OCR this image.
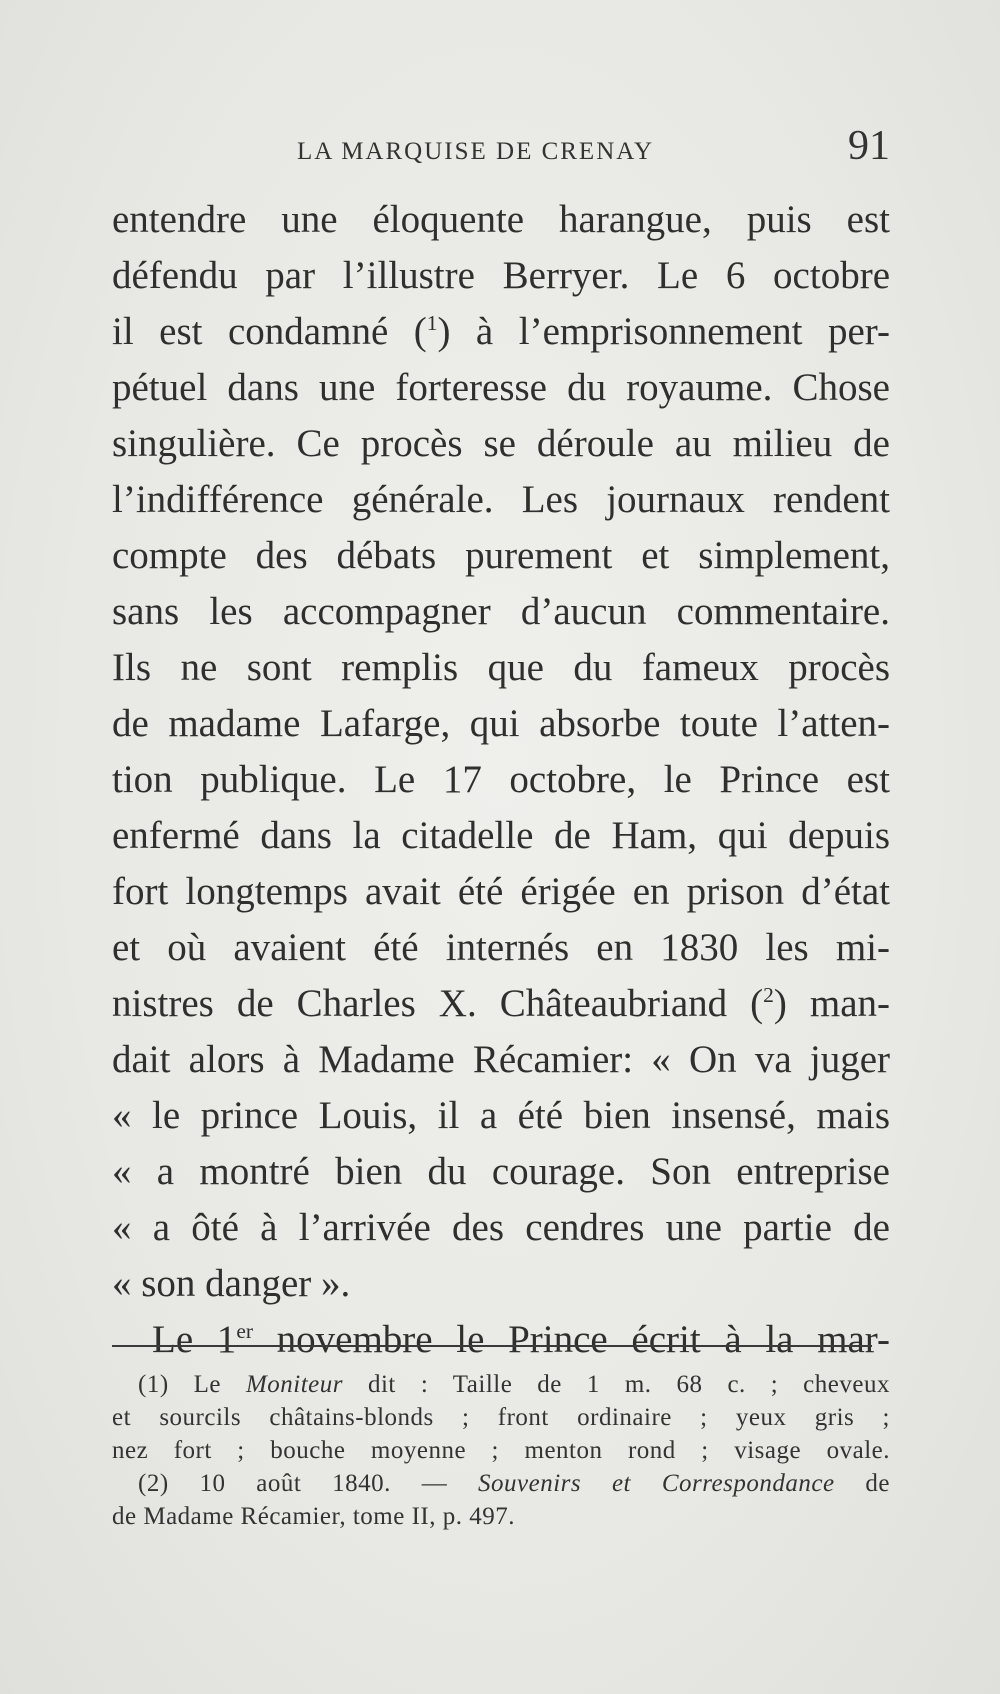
LA MARQUISE DE CRENAY	91
entendre une éloquente harangue, puis est
défendu par l’illustre Berryer. Le 6 octobre
il est condamné ($^1$) à l’emprisonnement per-
pétuel dans une forteresse du royaume. Chose
singulière. Ce procès se déroule au milieu de
l’indifférence générale. Les journaux rendent
compte des débats purement et simplement,
sans les accompagner d’aucun commentaire.
Ils ne sont remplis que du fameux procès
de madame Lafarge, qui absorbe toute l’atten-
tion publique. Le 17 octobre, le Prince est
enfermé dans la citadelle de Ham, qui depuis
fort longtemps avait été érigée en prison d’état
et où avaient été internés en 1830 les mi-
nistres de Charles X. Châteaubriand ($^2$) man-
dait alors à Madame Récamier: « On va juger
« le prince Louis, il a été bien insensé, mais
« a montré bien du courage. Son entreprise
« a ôté à l’arrivée des cendres une partie de
« son danger ».
Le 1er novembre le Prince écrit à la mar-
(1) Le Moniteur dit : Taille de 1 m. 68 c. ; cheveux
et sourcils châtains-blonds ; front ordinaire ; yeux gris ;
nez fort ; bouche moyenne ; menton rond ; visage ovale.
(2) 10 août 1840. — Souvenirs et Correspondance de
de Madame Récamier, tome II, p. 497.
